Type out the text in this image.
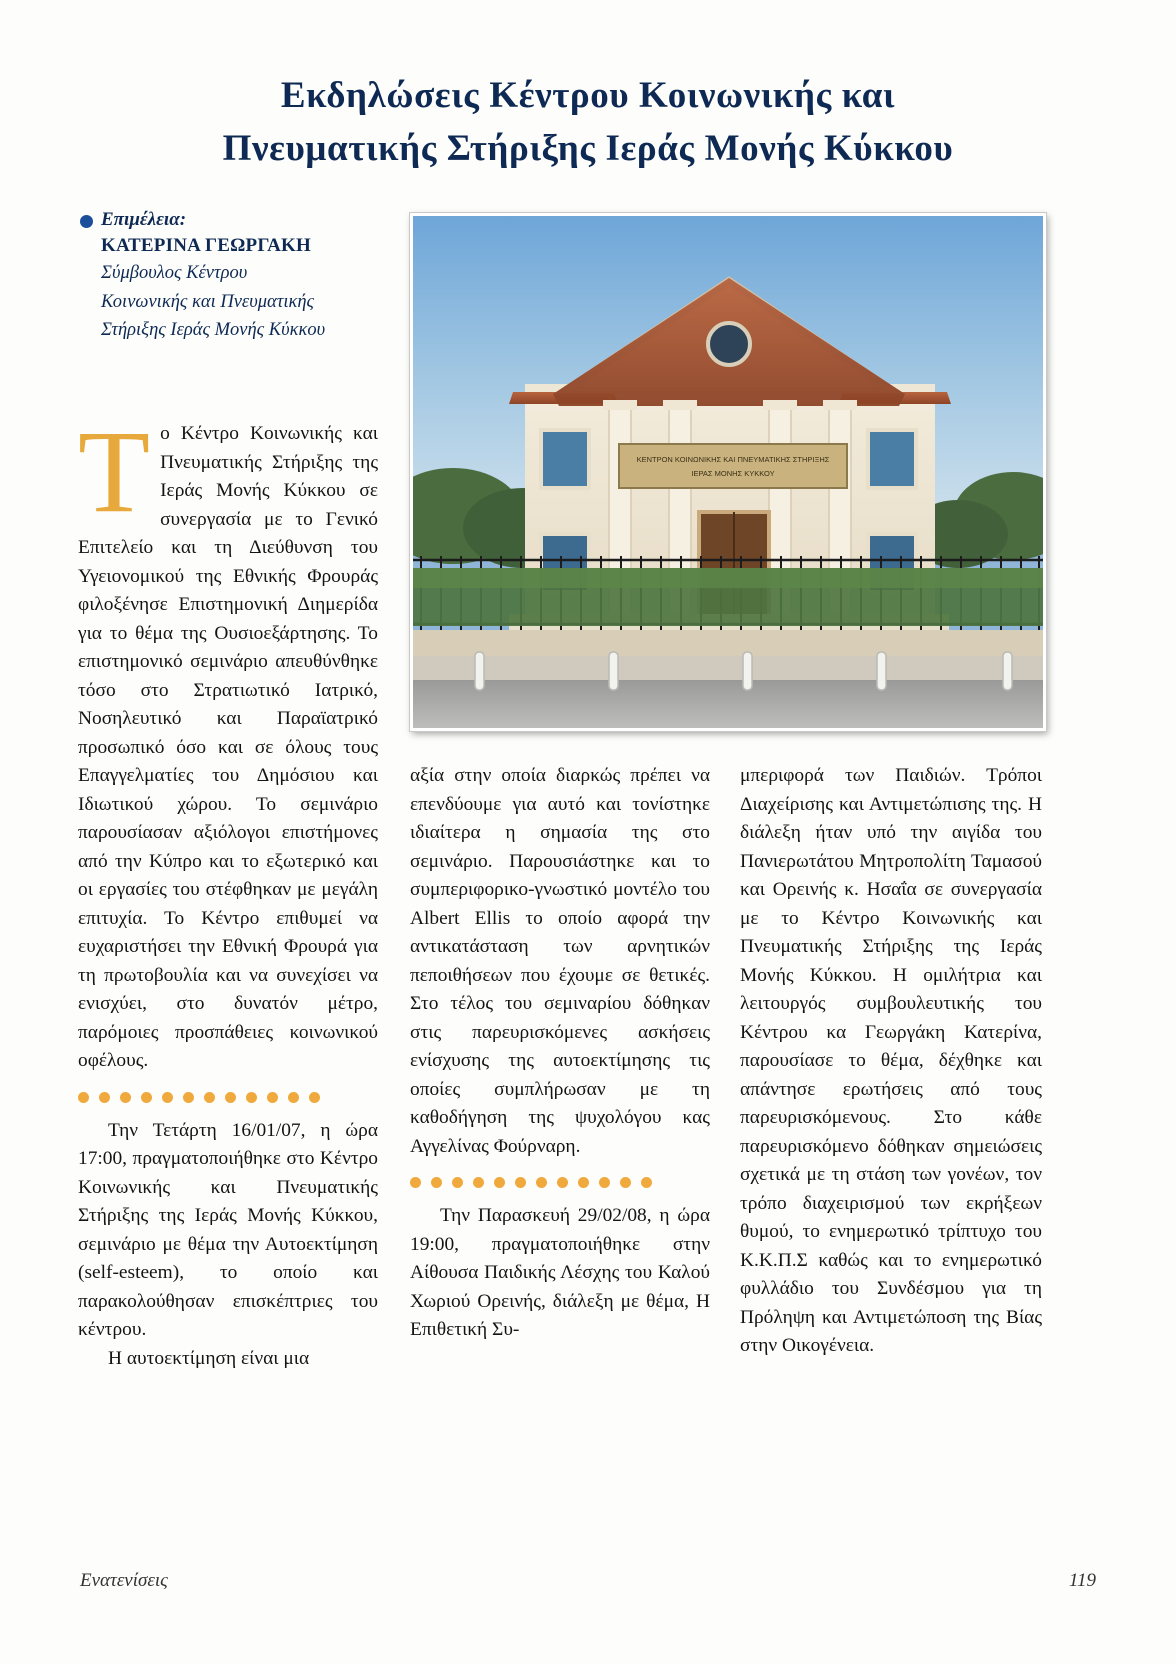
Εκδηλώσεις Κέντρου Κοινωνικής και
Πνευματικής Στήριξης Ιεράς Μονής Κύκκου
Επιμέλεια:
ΚΑΤΕΡΙΝΑ ΓΕΩΡΓΑΚΗ
Σύμβουλος Κέντρου
Κοινωνικής και Πνευματικής
Στήριξης Ιεράς Μονής Κύκκου
ΚΕΝΤΡΟΝ ΚΟΙΝΩΝΙΚΗΣ ΚΑΙ ΠΝΕΥΜΑΤΙΚΗΣ ΣΤΗΡΙΞΗΣ
ΙΕΡΑΣ ΜΟΝΗΣ ΚΥΚΚΟΥ
Τ ο Κέντρο Κοινωνικής και Πνευματικής Στήριξης της Ιεράς Μονής Κύκκου σε συνεργασία με το Γενικό Επιτελείο και τη Διεύθυνση του Υγειονομικού της Εθνικής Φρουράς φιλοξένησε Επιστημονική Διημερίδα για το θέμα της Ουσιοεξάρτησης. Το επιστημονικό σεμινάριο απευθύνθηκε τόσο στο Στρατιωτικό Ιατρικό, Νοσηλευτικό και Παραϊατρικό προσωπικό όσο και σε όλους τους Επαγγελματίες του Δημόσιου και Ιδιωτικού χώρου. Το σεμινάριο παρουσίασαν αξιόλογοι επιστήμονες από την Κύπρο και το εξωτερικό και οι εργασίες του στέφθηκαν με μεγάλη επιτυχία. Το Κέντρο επιθυμεί να ευχαριστήσει την Εθνική Φρουρά για τη πρωτοβουλία και να συνεχίσει να ενισχύει, στο δυνατόν μέτρο, παρόμοιες προσπάθειες κοινωνικού οφέλους.

Την Τετάρτη 16/01/07, η ώρα 17:00, πραγματοποιήθηκε στο Κέντρο Κοινωνικής και Πνευματικής Στήριξης της Ιεράς Μονής Κύκκου, σεμινάριο με θέμα την Αυτοεκτίμηση (self-esteem), το οποίο και παρακολούθησαν επισκέπτριες του κέντρου.

Η αυτοεκτίμηση είναι μια

αξία στην οποία διαρκώς πρέπει να επενδύουμε για αυτό και τονίστηκε ιδιαίτερα η σημασία της στο σεμινάριο. Παρουσιάστηκε και το συμπεριφορικο-γνωστικό μοντέλο του Albert Ellis το οποίο αφορά την αντικατάσταση των αρνητικών πεποιθήσεων που έχουμε σε θετικές. Στο τέλος του σεμιναρίου δόθηκαν στις παρευρισκόμενες ασκήσεις ενίσχυσης της αυτοεκτίμησης τις οποίες συμπλήρωσαν με τη καθοδήγηση της ψυχολόγου κας Αγγελίνας Φούρναρη.

Την Παρασκευή 29/02/08, η ώρα 19:00, πραγματοποιήθηκε στην Αίθουσα Παιδικής Λέσχης του Καλού Χωριού Ορεινής, διάλεξη με θέμα, Η Επιθετική Συ-

μπεριφορά των Παιδιών. Τρόποι Διαχείρισης και Αντιμετώπισης της. Η διάλεξη ήταν υπό την αιγίδα του Πανιερωτάτου Μητροπολίτη Ταμασού και Ορεινής κ. Ησαΐα σε συνεργασία με το Κέντρο Κοινωνικής και Πνευματικής Στήριξης της Ιεράς Μονής Κύκκου. Η ομιλήτρια και λειτουργός συμβουλευτικής του Κέντρου κα Γεωργάκη Κατερίνα, παρουσίασε το θέμα, δέχθηκε και απάντησε ερωτήσεις από τους παρευρισκόμενους. Στο κάθε παρευρισκόμενο δόθηκαν σημειώσεις σχετικά με τη στάση των γονέων, τον τρόπο διαχειρισμού των εκρήξεων θυμού, το ενημερωτικό τρίπτυχο του Κ.Κ.Π.Σ καθώς και το ενημερωτικό φυλλάδιο του Συνδέσμου για τη Πρόληψη και Αντιμετώποση της Βίας στην Οικογένεια.

Ενατενίσεις	119
